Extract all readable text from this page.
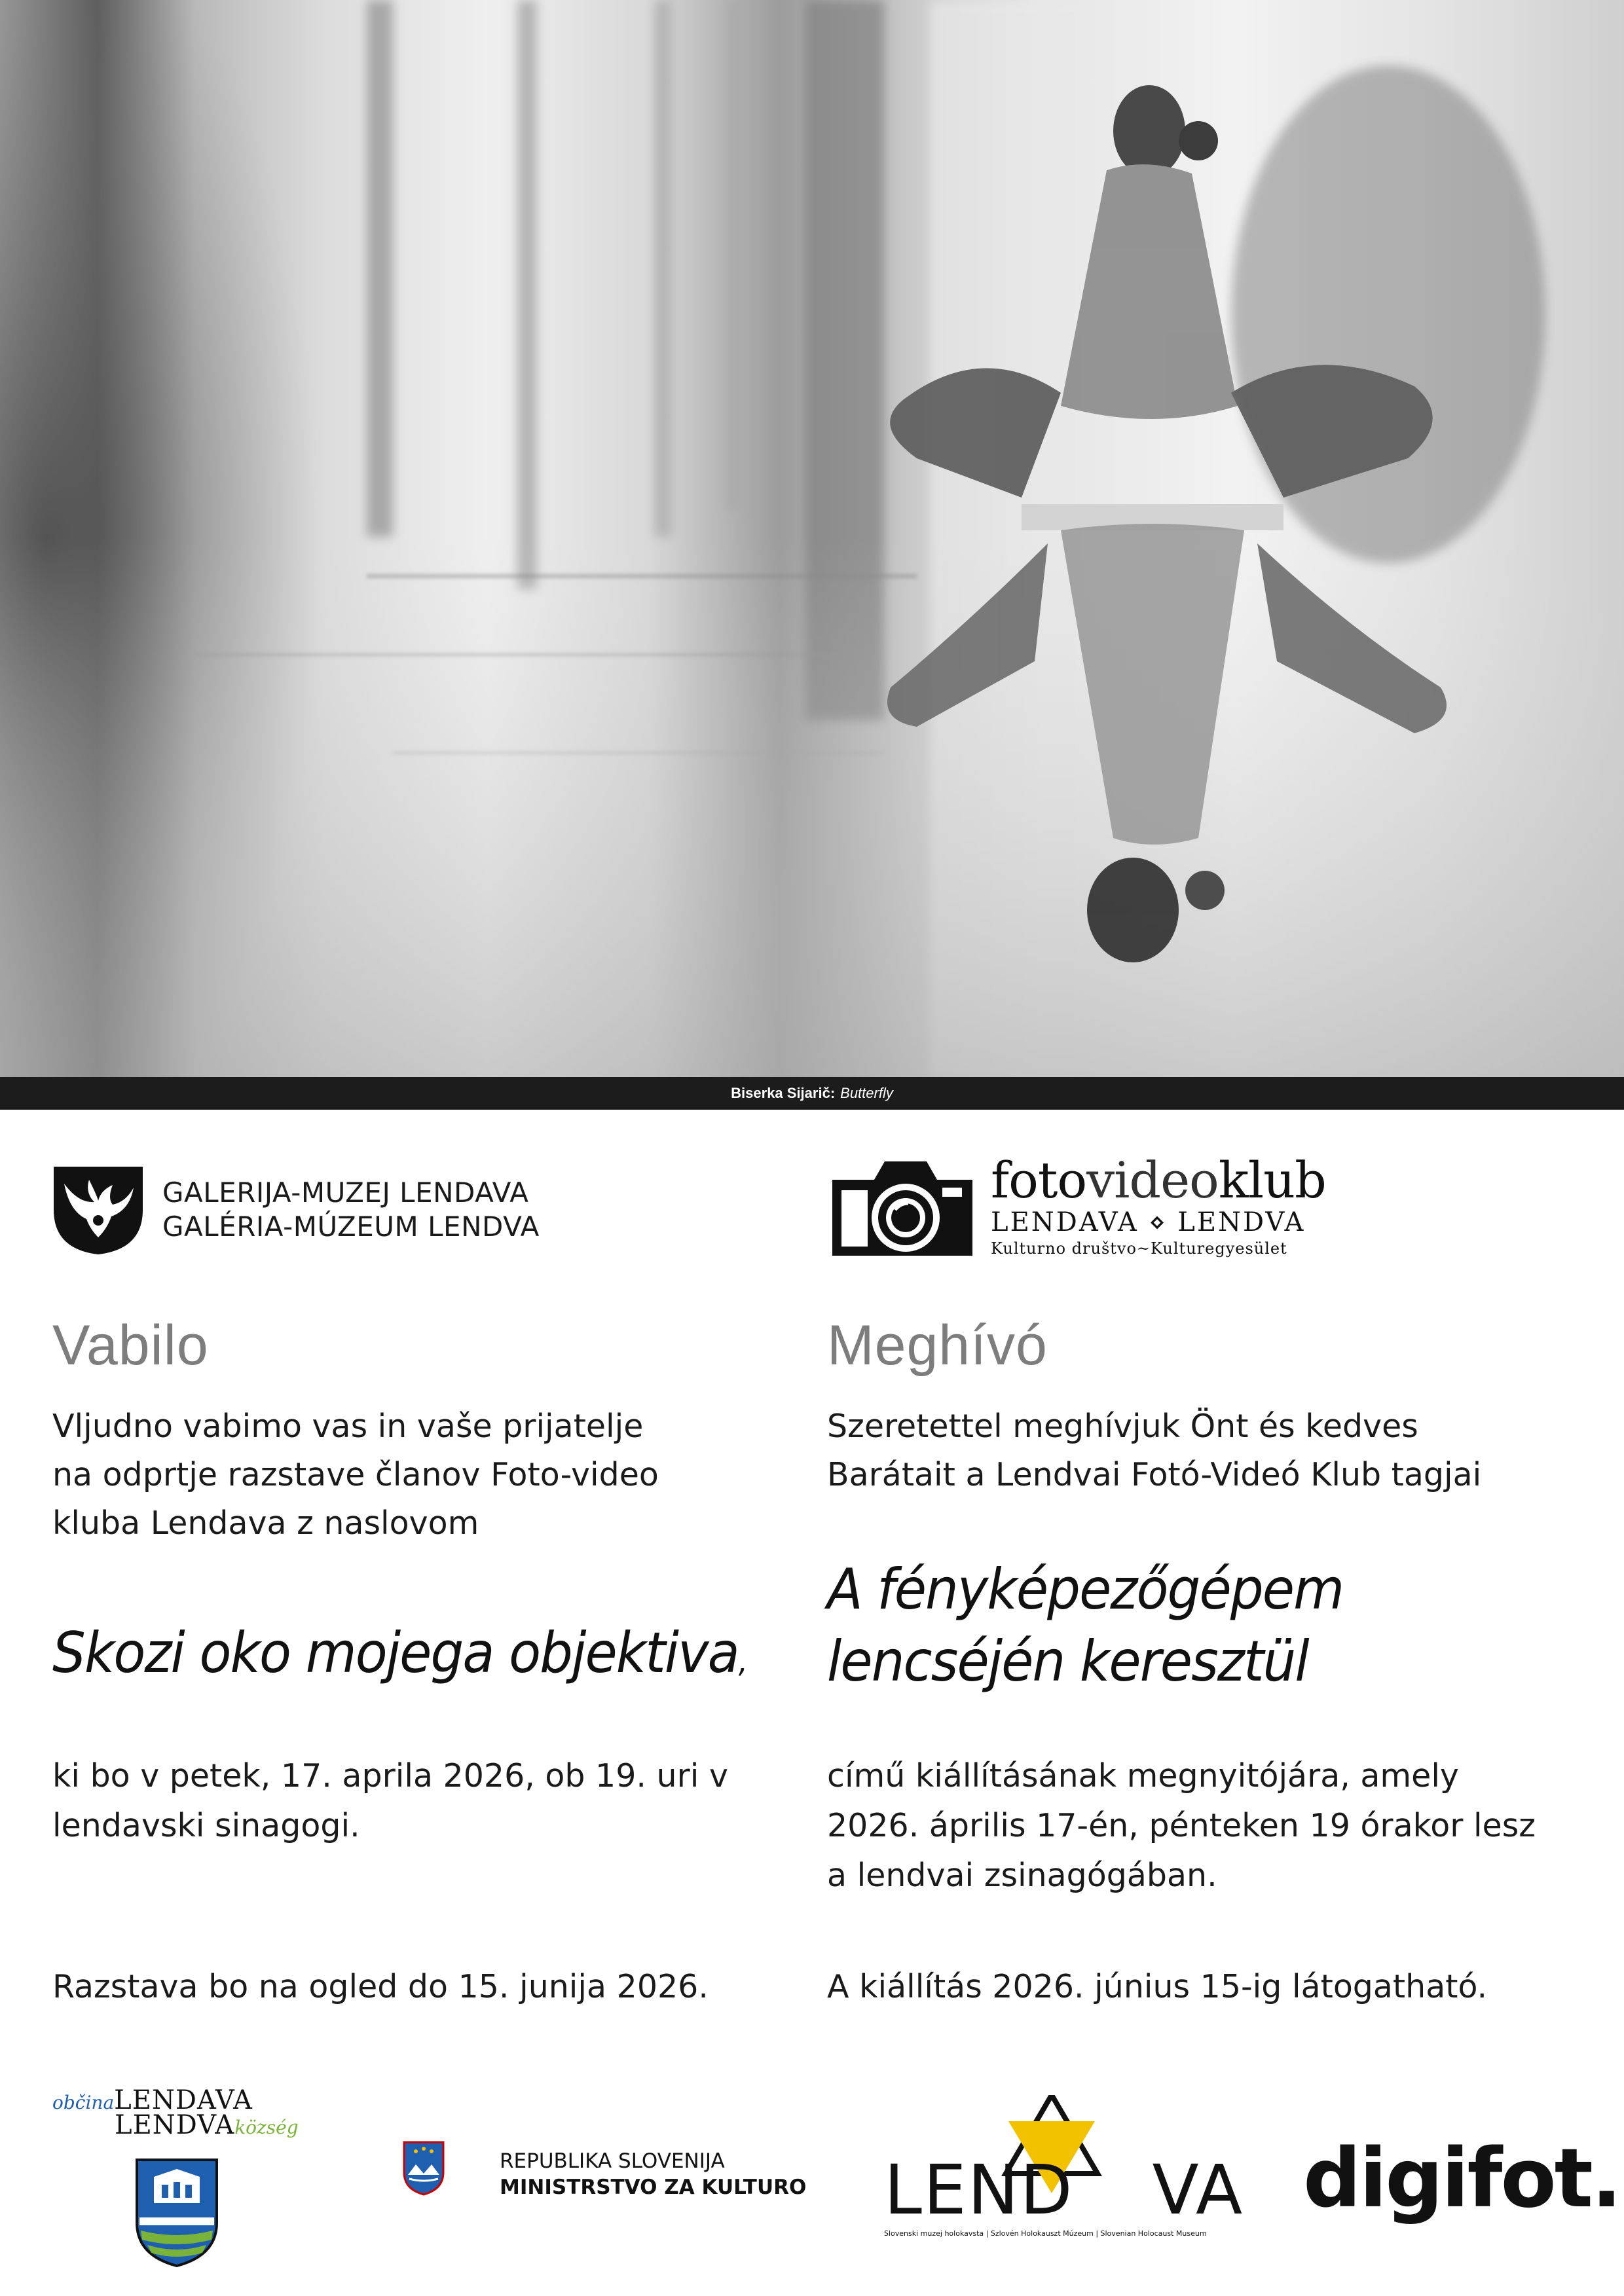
Biserka Sijarič: Butterfly
GALERIJA-MUZEJ LENDAVA
GALÉRIA-MÚZEUM LENDVA
fotovideoklub
LENDAVA ⋄ LENDVA
Kulturno društvo~Kulturegyesület
Vabilo
Vljudno vabimo vas in vaše prijatelje
na odprtje razstave članov Foto-video
kluba Lendava z naslovom
Skozi oko mojega objektiva,
ki bo v petek, 17. aprila 2026, ob 19. uri v
lendavski sinagogi.
Razstava bo na ogled do 15. junija 2026.
Meghívó
Szeretettel meghívjuk Önt és kedves
Barátait a Lendvai Fotó-Videó Klub tagjai
A fényképezőgépem
lencséjén keresztül
című kiállításának megnyitójára, amely
2026. április 17-én, pénteken 19 órakor lesz
a lendvai zsinagógában.
A kiállítás 2026. június 15-ig látogatható.
občinaLENDAVA
LENDVAközség
REPUBLIKA SLOVENIJA
MINISTRSTVO ZA KULTURO LEND VA
Slovenski muzej holokavsta | Szlovén Holokauszt Múzeum | Slovenian Holocaust Museum
digifot.
